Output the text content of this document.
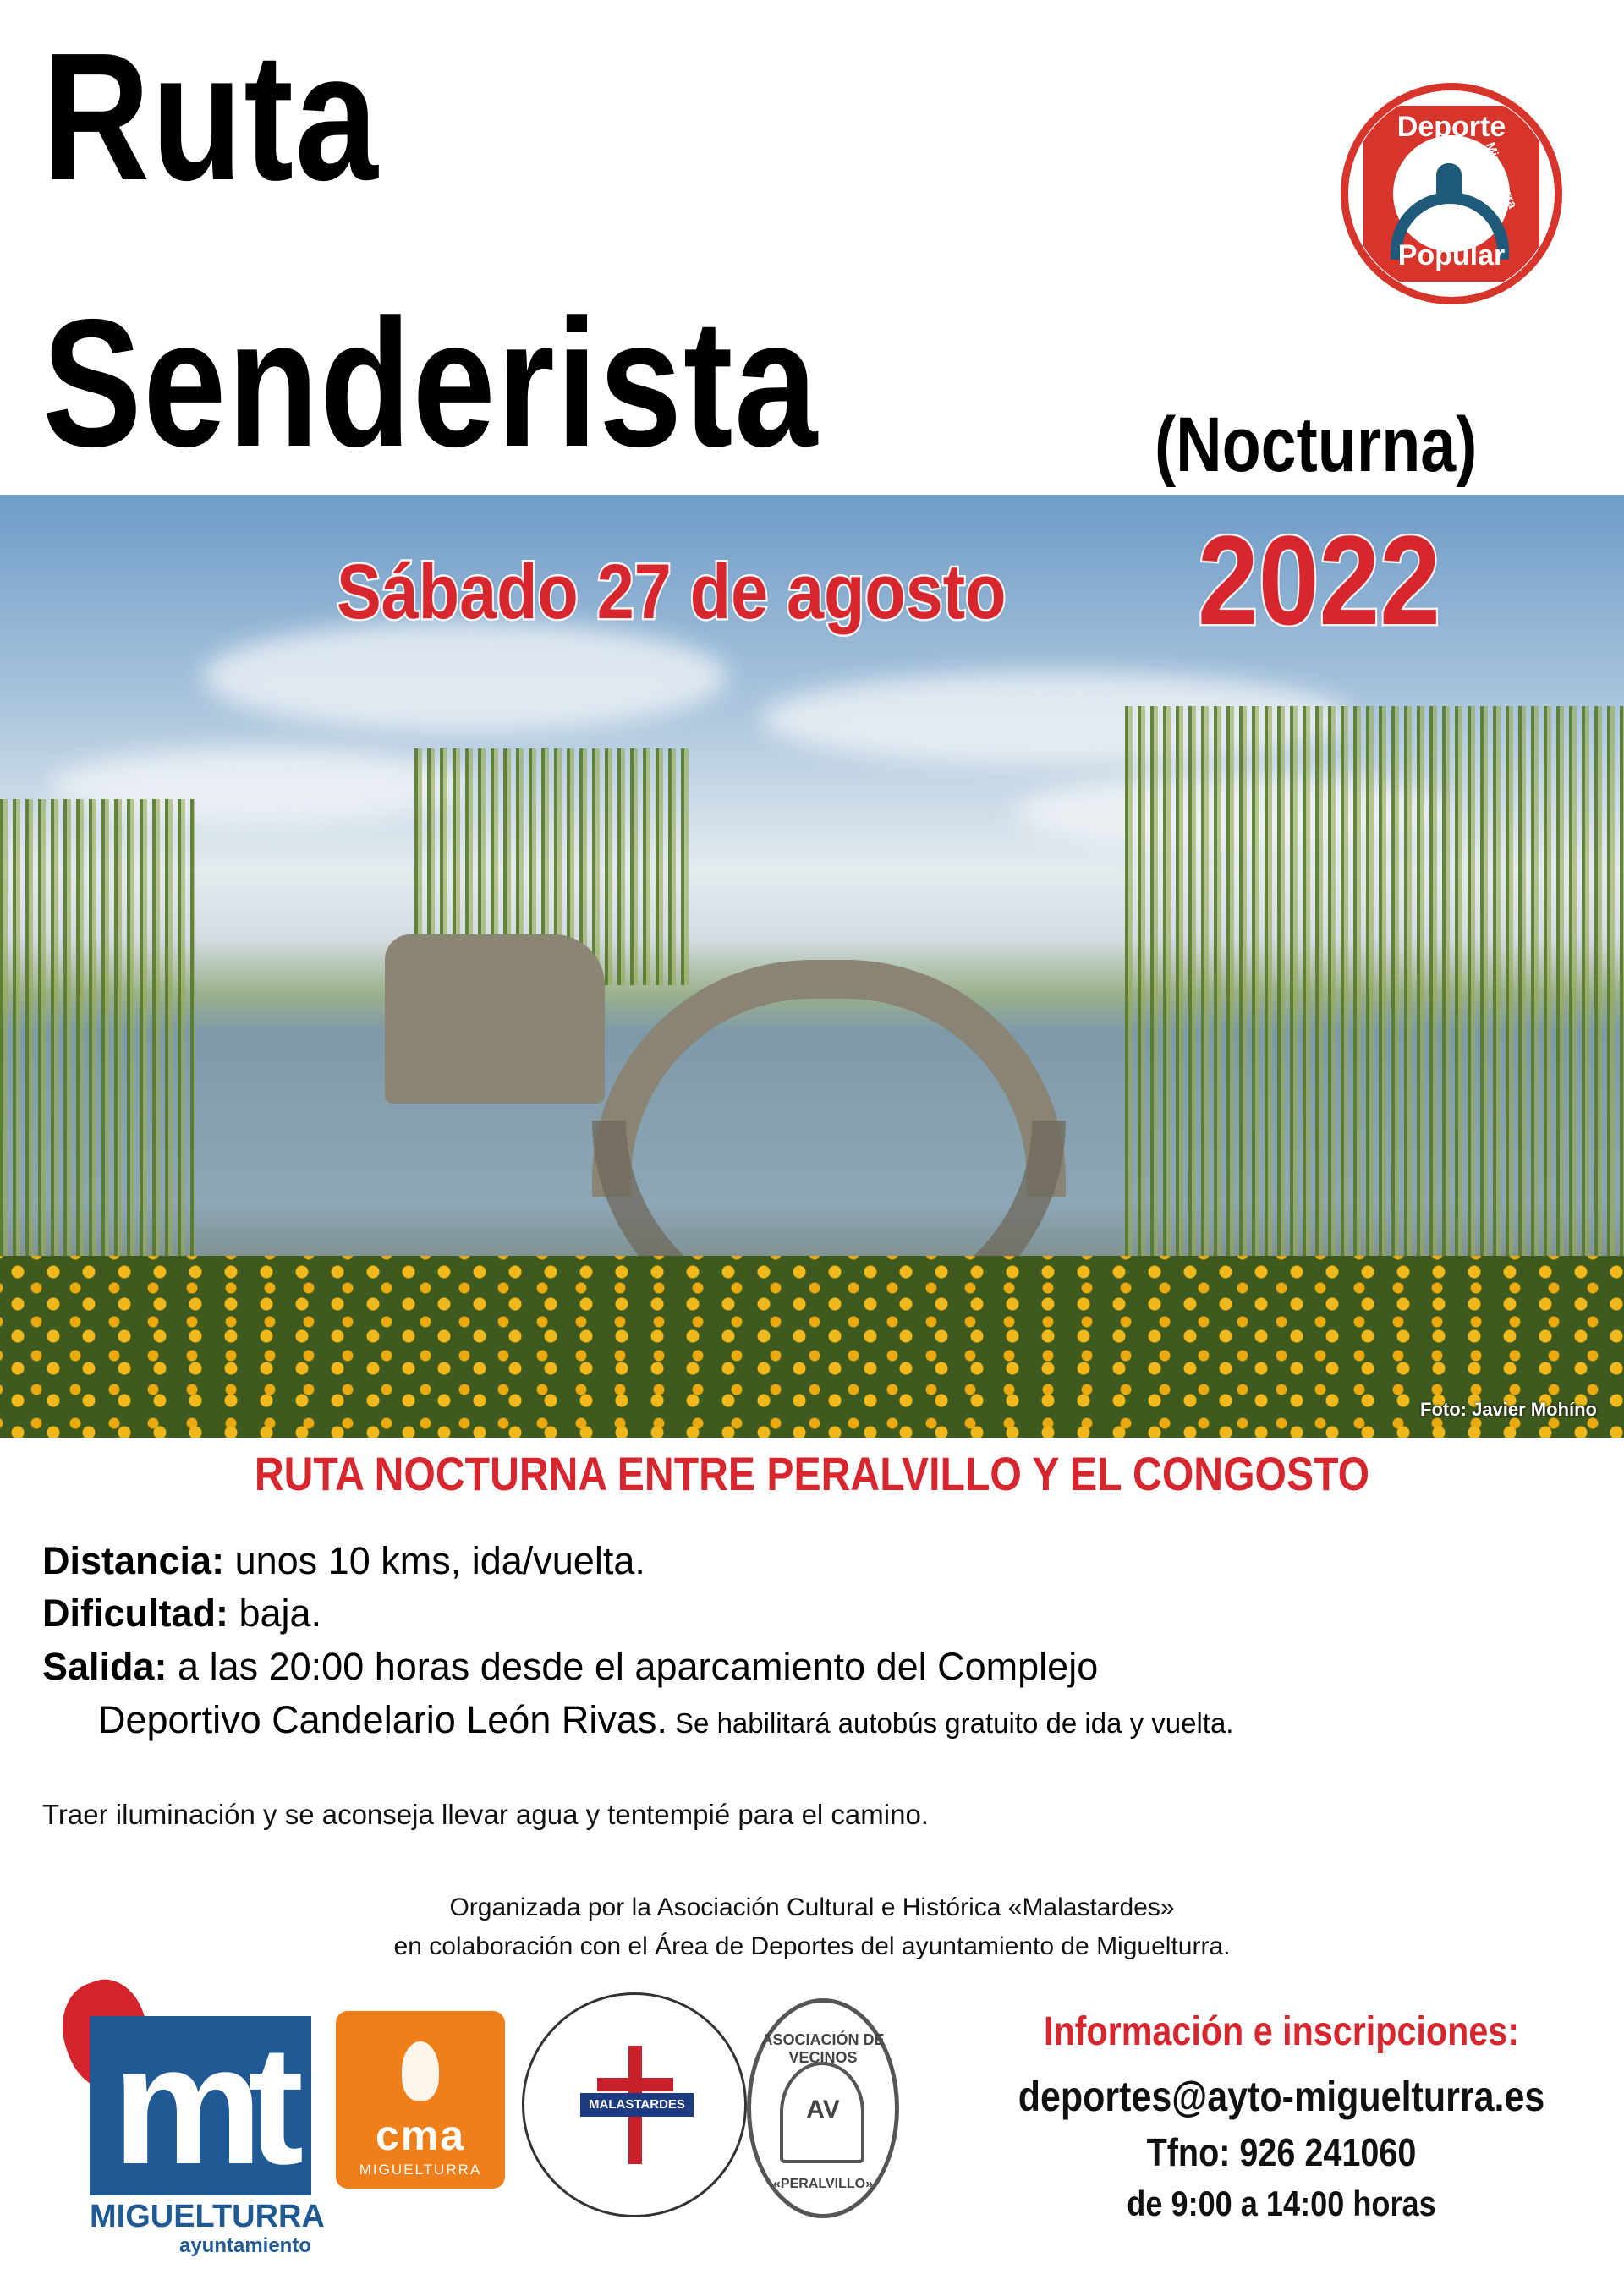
Ruta
Senderista	(Nocturna)
Deporte
Miguelturra
Popular
Sábado 27 de agosto 2022
Foto: Javier Mohíno
RUTA NOCTURNA ENTRE PERALVILLO Y EL CONGOSTO
Distancia: unos 10 kms, ida/vuelta.
Dificultad: baja.
Salida: a las 20:00 horas desde el aparcamiento del Complejo
Deportivo Candelario León Rivas. Se habilitará autobús gratuito de ida y vuelta.
Traer iluminación y se aconseja llevar agua y tentempié para el camino.
Organizada por la Asociación Cultural e Histórica «Malastardes»
en colaboración con el Área de Deportes del ayuntamiento de Miguelturra.
mt
MIGUELTURRA
ayuntamiento
cma
MIGUELTURRA
MALASTARDES
ASOCIACIÓN DE VECINOS
AV
«PERALVILLO»
Información e inscripciones:
deportes@ayto-miguelturra.es
Tfno: 926 241060
de 9:00 a 14:00 horas
